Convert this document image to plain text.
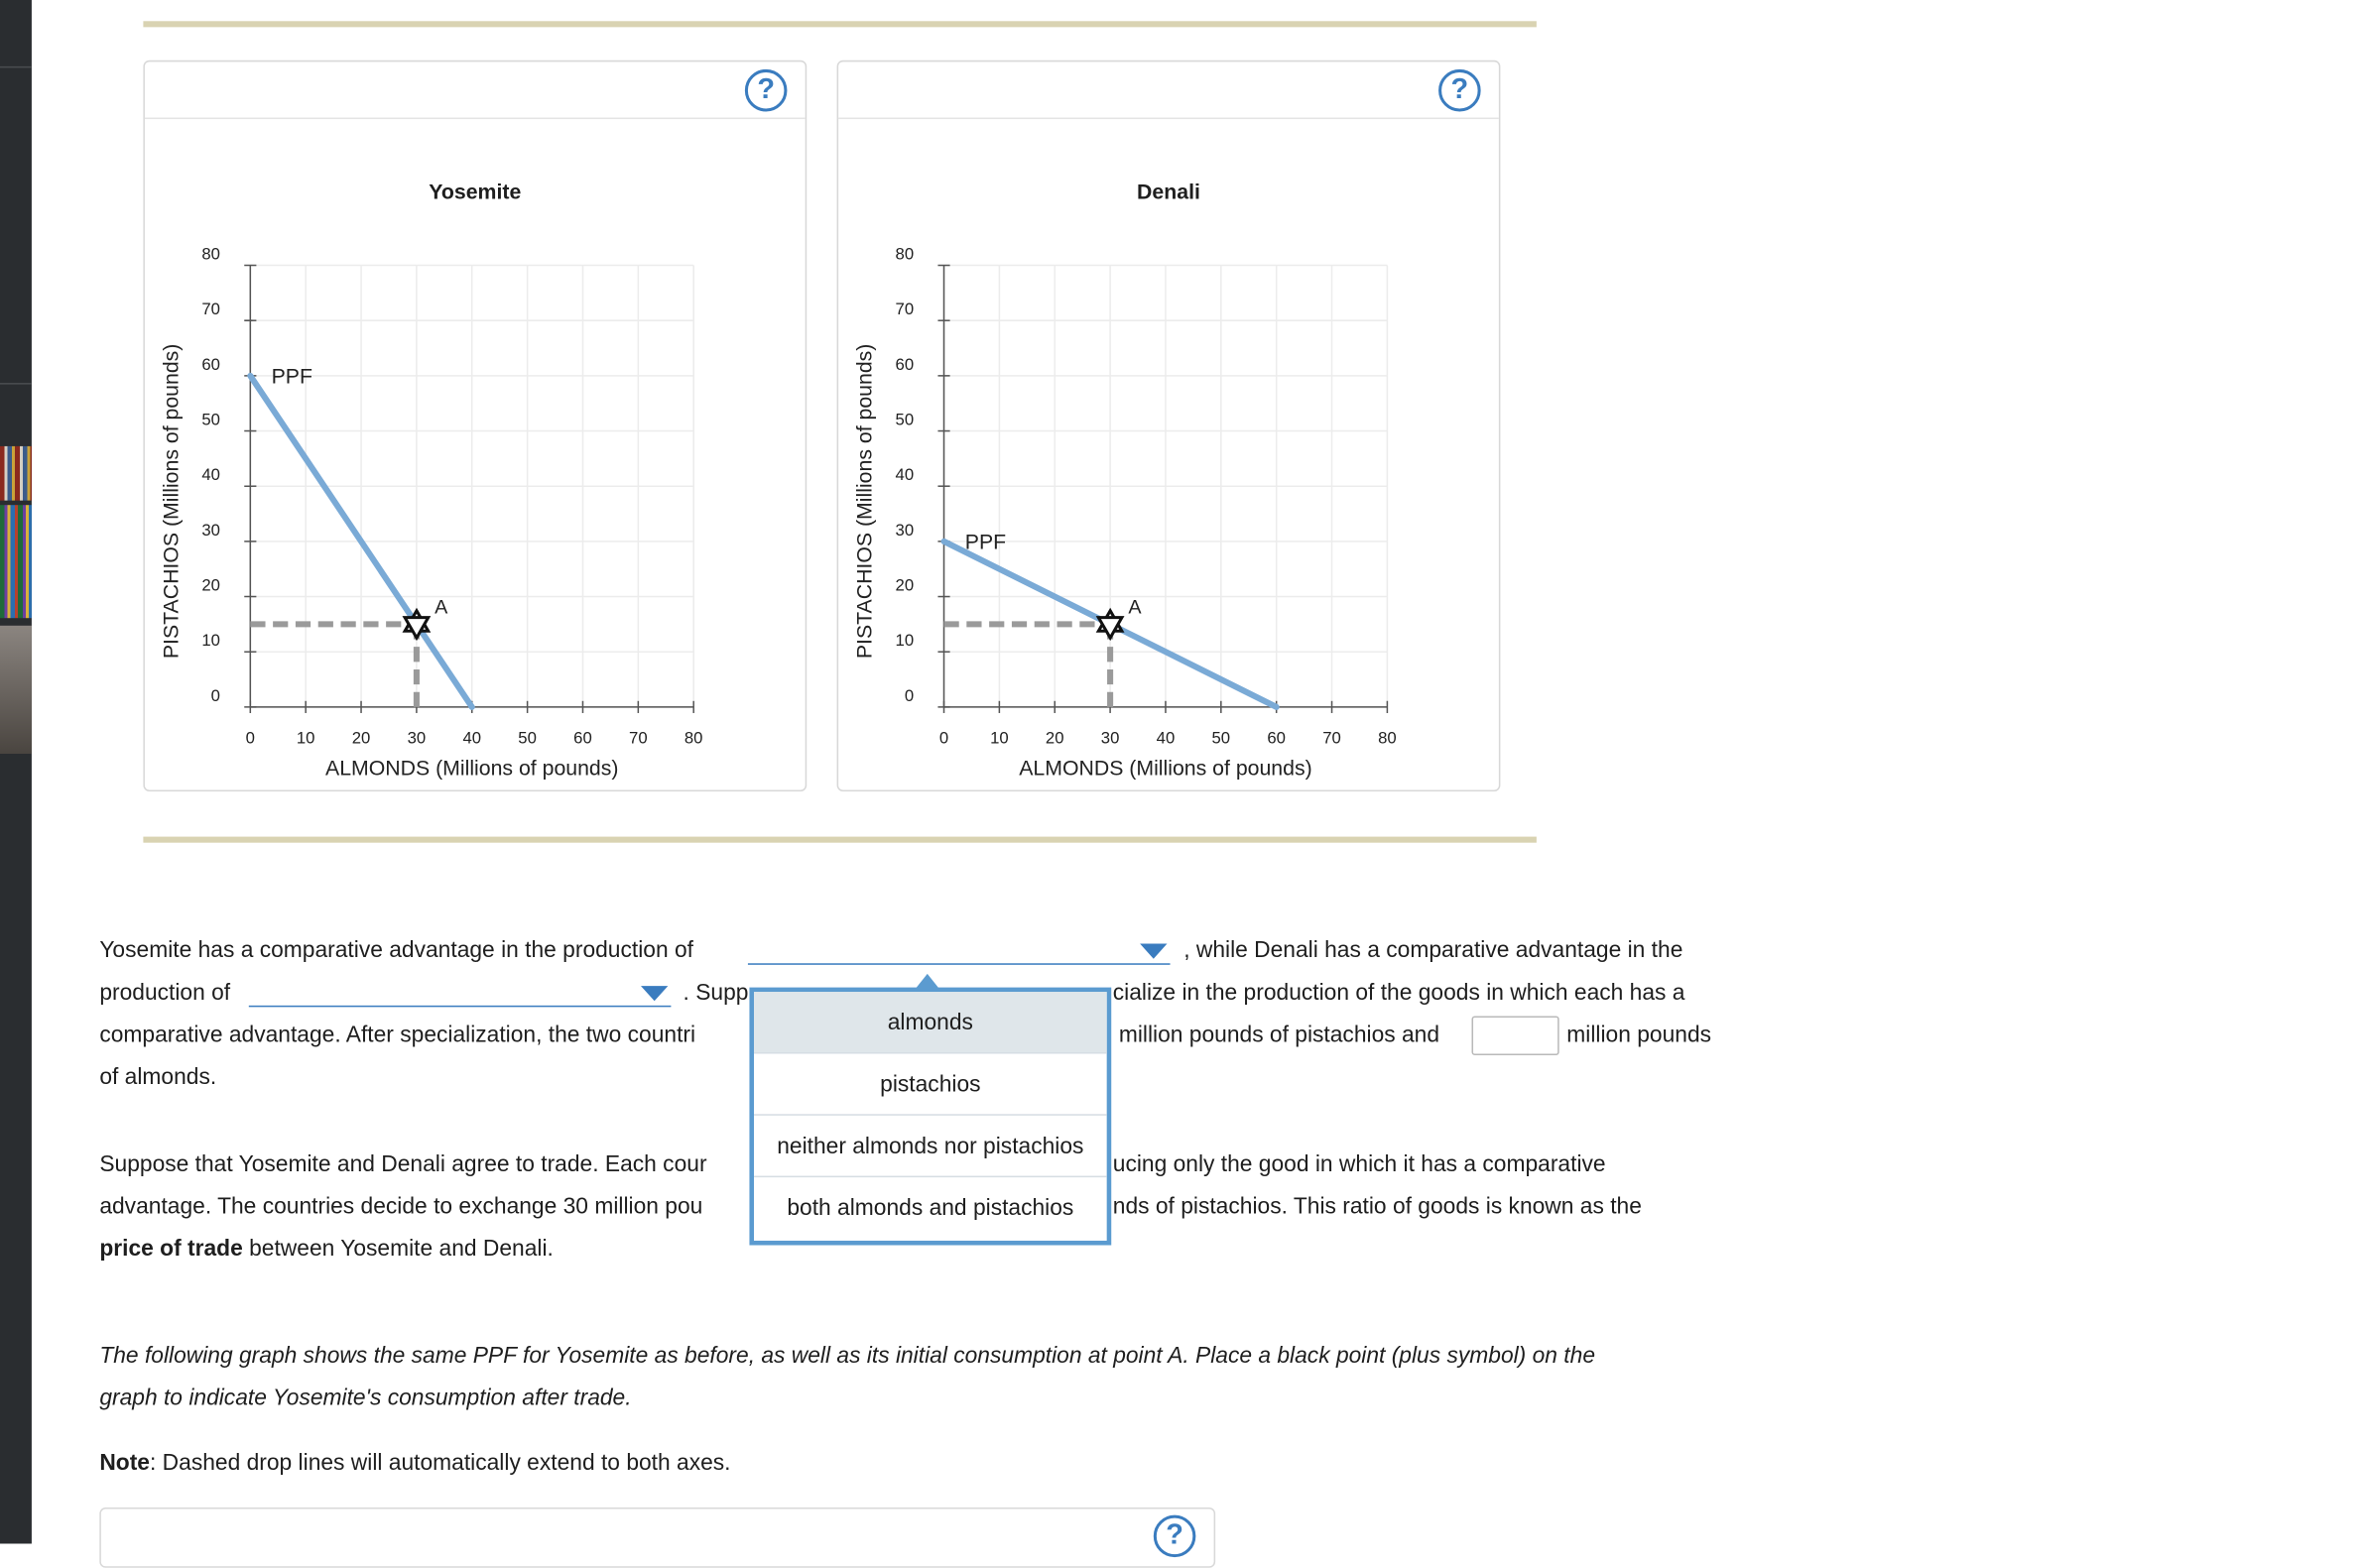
?
Yosemite
0	10	20	30	40	50	60	70	80
0
10
20
30
40
50
60
70
80
ALMONDS (Millions of pounds)
PISTACHIOS (Millions of pounds)	PPF
A
?
Denali
0	10	20	30	40	50	60	70	80
0
10
20
30
40
50
60
70
80
ALMONDS (Millions of pounds)
PISTACHIOS (Millions of pounds)	PPF
A
Yosemite has a comparative advantage in the production of	, while Denali has a comparative advantage in the
production of	. Supp	cialize in the production of the goods in which each has a
comparative advantage. After specialization, the two countri	million pounds of pistachios and	million pounds
of almonds.
almonds
pistachios
neither almonds nor pistachios
both almonds and pistachios
Suppose that Yosemite and Denali agree to trade. Each cour	ucing only the good in which it has a comparative
advantage. The countries decide to exchange 30 million pou	nds of pistachios. This ratio of goods is known as the
price of trade between Yosemite and Denali.
The following graph shows the same PPF for Yosemite as before, as well as its initial consumption at point A. Place a black point (plus symbol) on the
graph to indicate Yosemite's consumption after trade.
Note: Dashed drop lines will automatically extend to both axes.
?
